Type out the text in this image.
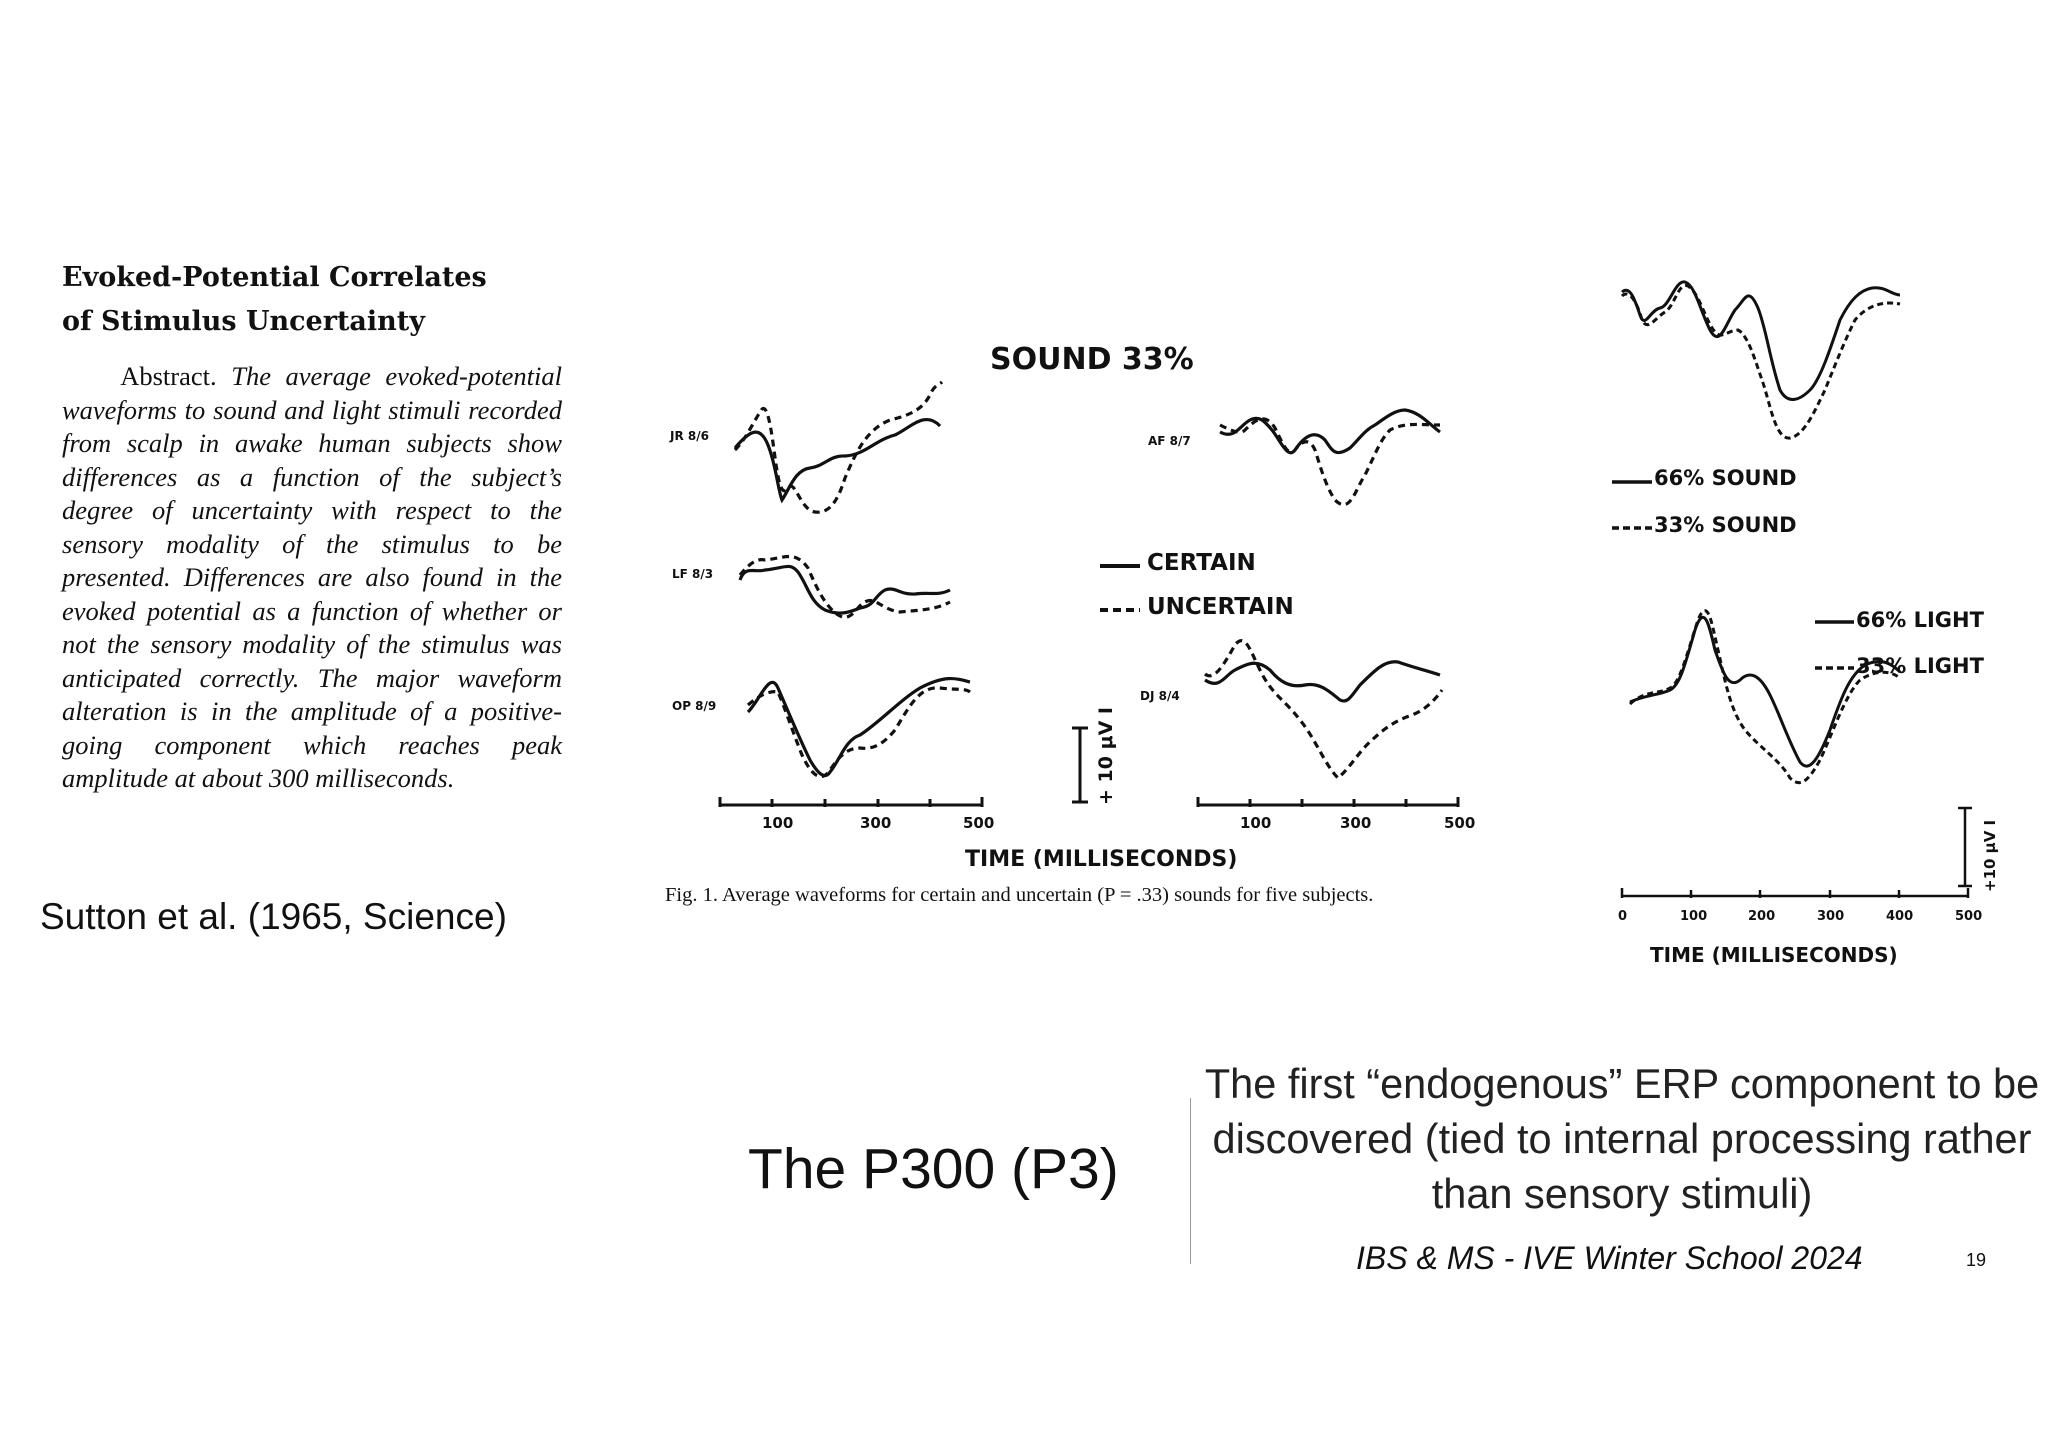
Evoked-Potential Correlates
of Stimulus Uncertainty
Abstract. The average evoked-potential waveforms to sound and light stimuli recorded from scalp in awake human subjects show differences as a function of the subject’s degree of uncertainty with respect to the sensory modality of the stimulus to be presented. Differences are also found in the evoked potential as a function of whether or not the sensory modality of the stimulus was anticipated correctly. The major waveform alteration is in the amplitude of a positive-going component which reaches peak amplitude at about 300 milliseconds.
Sutton et al. (1965, Science)
SOUND 33%
JR 8/6
LF 8/3
OP 8/9
AF 8/7
DJ 8/4
CERTAIN
UNCERTAIN
+ 10 μV I
100	300	500	100	300	500
TIME (MILLISECONDS)
Fig. 1. Average waveforms for certain and uncertain (P = .33) sounds for five subjects.
66% SOUND
33% SOUND
66% LIGHT
33% LIGHT
+10 μV I
0	100	200	300	400	500
TIME (MILLISECONDS)
The P300 (P3)
The first “endogenous” ERP component to be discovered (tied to internal processing rather than sensory stimuli)
IBS & MS - IVE Winter School 2024	19
